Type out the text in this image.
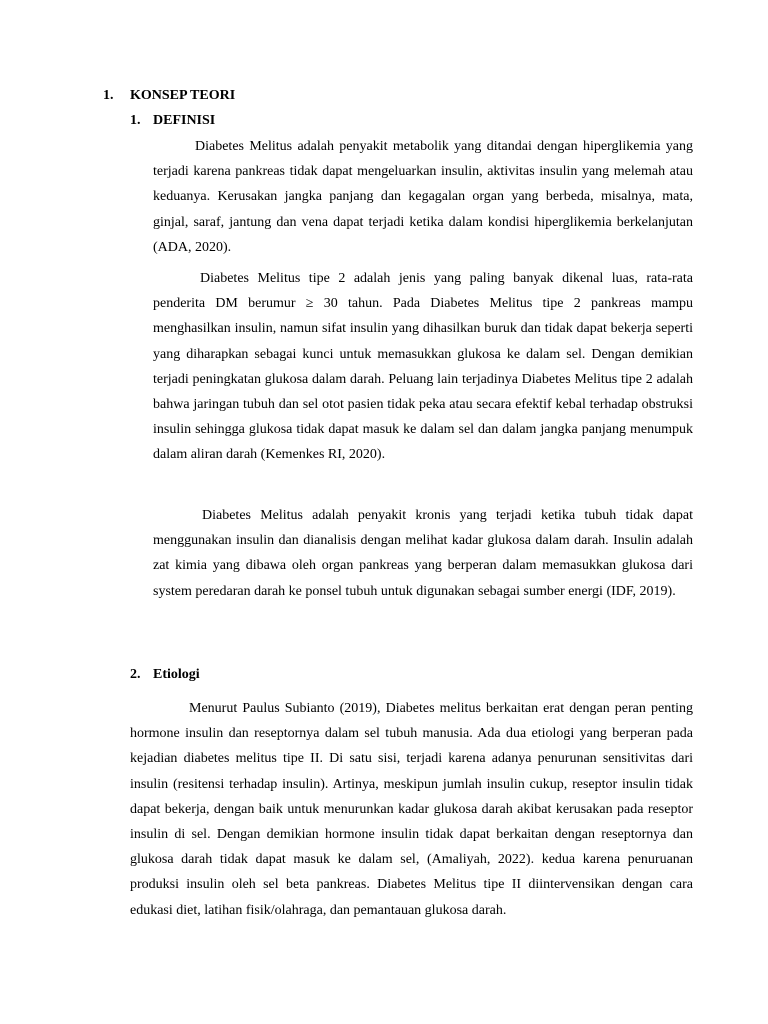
1. KONSEP TEORI
1. DEFINISI

Diabetes Melitus adalah penyakit metabolik yang ditandai dengan hiperglikemia yang terjadi karena pankreas tidak dapat mengeluarkan insulin, aktivitas insulin yang melemah atau keduanya. Kerusakan jangka panjang dan kegagalan organ yang berbeda, misalnya, mata, ginjal, saraf, jantung dan vena dapat terjadi ketika dalam kondisi hiperglikemia berkelanjutan (ADA, 2020).

Diabetes Melitus tipe 2 adalah jenis yang paling banyak dikenal luas, rata-rata penderita DM berumur ≥ 30 tahun. Pada Diabetes Melitus tipe 2 pankreas mampu menghasilkan insulin, namun sifat insulin yang dihasilkan buruk dan tidak dapat bekerja seperti yang diharapkan sebagai kunci untuk memasukkan glukosa ke dalam sel. Dengan demikian terjadi peningkatan glukosa dalam darah. Peluang lain terjadinya Diabetes Melitus tipe 2 adalah bahwa jaringan tubuh dan sel otot pasien tidak peka atau secara efektif kebal terhadap obstruksi insulin sehingga glukosa tidak dapat masuk ke dalam sel dan dalam jangka panjang menumpuk dalam aliran darah (Kemenkes RI, 2020).

Diabetes Melitus adalah penyakit kronis yang terjadi ketika tubuh tidak dapat menggunakan insulin dan dianalisis dengan melihat kadar glukosa dalam darah. Insulin adalah zat kimia yang dibawa oleh organ pankreas yang berperan dalam memasukkan glukosa dari system peredaran darah ke ponsel tubuh untuk digunakan sebagai sumber energi (IDF, 2019).

2. Etiologi

Menurut Paulus Subianto (2019), Diabetes melitus berkaitan erat dengan peran penting hormone insulin dan reseptornya dalam sel tubuh manusia. Ada dua etiologi yang berperan pada kejadian diabetes melitus tipe II. Di satu sisi, terjadi karena adanya penurunan sensitivitas dari insulin (resitensi terhadap insulin). Artinya, meskipun jumlah insulin cukup, reseptor insulin tidak dapat bekerja, dengan baik untuk menurunkan kadar glukosa darah akibat kerusakan pada reseptor insulin di sel. Dengan demikian hormone insulin tidak dapat berkaitan dengan reseptornya dan glukosa darah tidak dapat masuk ke dalam sel, (Amaliyah, 2022). kedua karena penuruanan produksi insulin oleh sel beta pankreas. Diabetes Melitus tipe II diintervensikan dengan cara edukasi diet, latihan fisik/olahraga, dan pemantauan glukosa darah.
